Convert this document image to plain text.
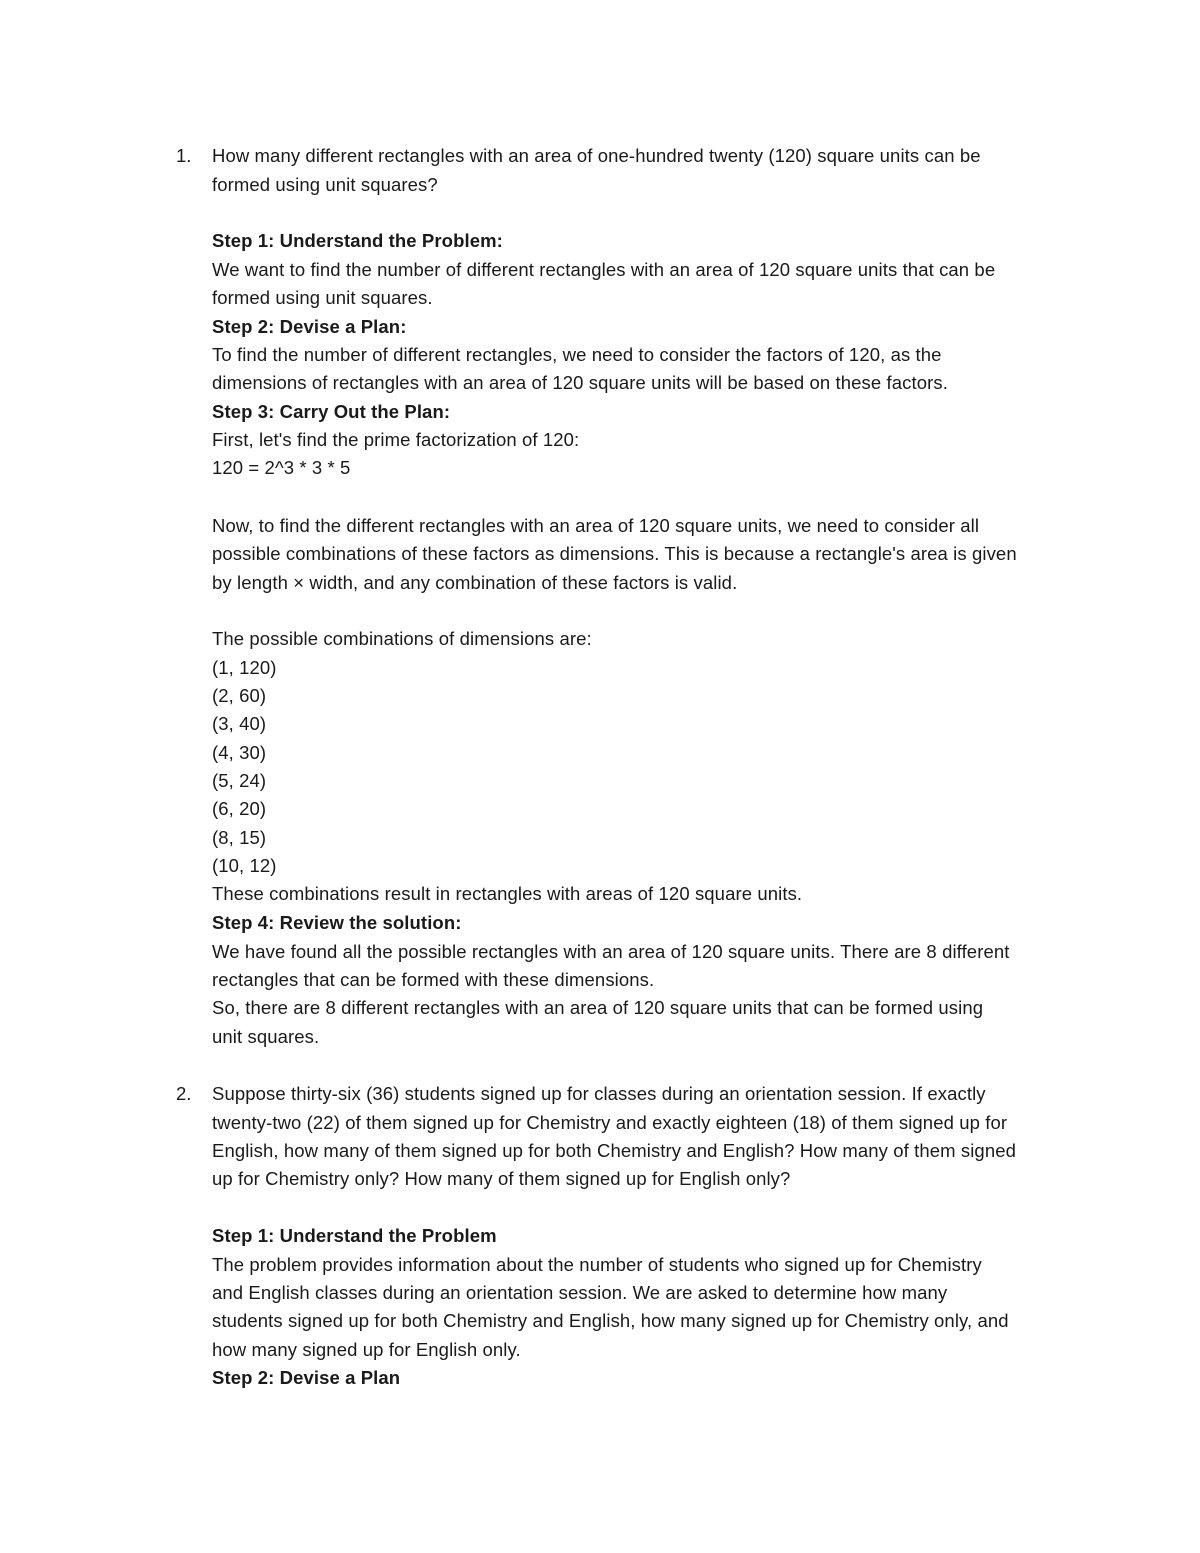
1. How many different rectangles with an area of one-hundred twenty (120) square units can be
formed using unit squares?
Step 1: Understand the Problem:
We want to find the number of different rectangles with an area of 120 square units that can be
formed using unit squares.
Step 2: Devise a Plan:
To find the number of different rectangles, we need to consider the factors of 120, as the
dimensions of rectangles with an area of 120 square units will be based on these factors.
Step 3: Carry Out the Plan:
First, let's find the prime factorization of 120:
120 = 2^3 * 3 * 5
Now, to find the different rectangles with an area of 120 square units, we need to consider all
possible combinations of these factors as dimensions. This is because a rectangle's area is given
by length × width, and any combination of these factors is valid.
The possible combinations of dimensions are:
(1, 120)
(2, 60)
(3, 40)
(4, 30)
(5, 24)
(6, 20)
(8, 15)
(10, 12)
These combinations result in rectangles with areas of 120 square units.
Step 4: Review the solution:
We have found all the possible rectangles with an area of 120 square units. There are 8 different
rectangles that can be formed with these dimensions.
So, there are 8 different rectangles with an area of 120 square units that can be formed using
unit squares.
2. Suppose thirty-six (36) students signed up for classes during an orientation session. If exactly
twenty-two (22) of them signed up for Chemistry and exactly eighteen (18) of them signed up for
English, how many of them signed up for both Chemistry and English? How many of them signed
up for Chemistry only? How many of them signed up for English only?
Step 1: Understand the Problem
The problem provides information about the number of students who signed up for Chemistry
and English classes during an orientation session. We are asked to determine how many
students signed up for both Chemistry and English, how many signed up for Chemistry only, and
how many signed up for English only.
Step 2: Devise a Plan
